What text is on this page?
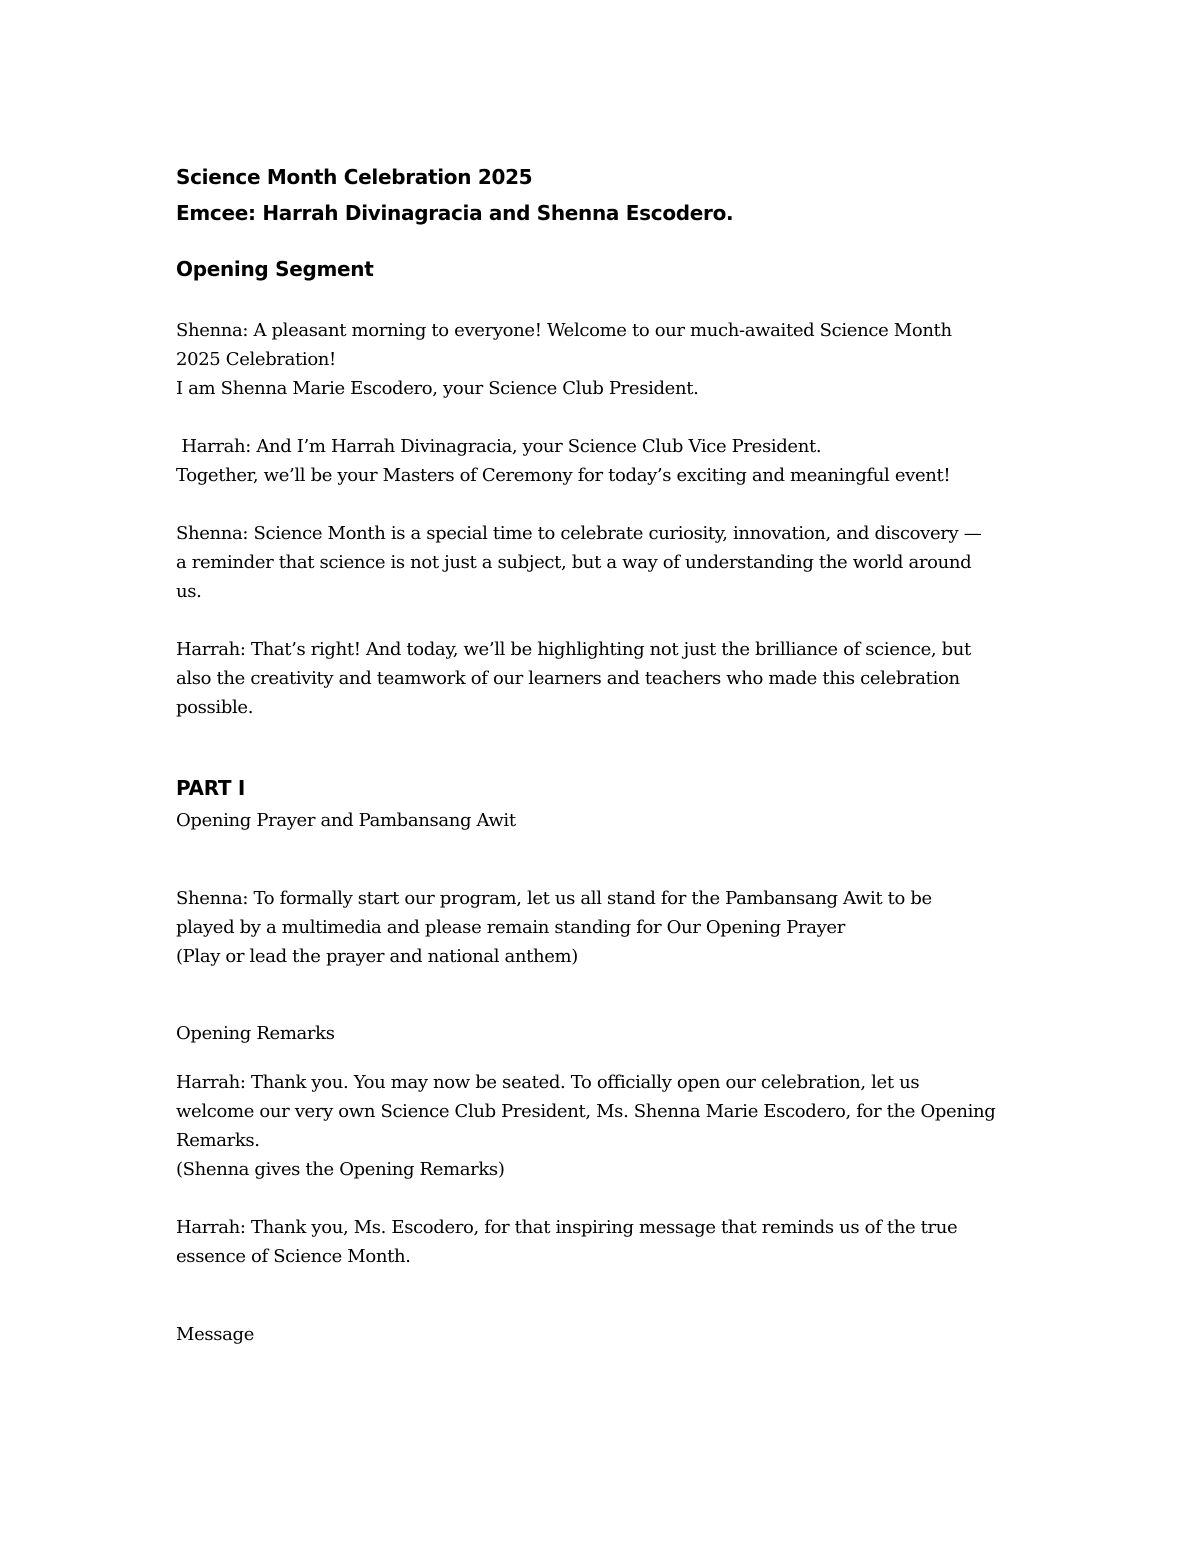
Science Month Celebration 2025
Emcee: Harrah Divinagracia and Shenna Escodero.
Opening Segment
Shenna: A pleasant morning to everyone! Welcome to our much-awaited Science Month
2025 Celebration!
I am Shenna Marie Escodero, your Science Club President.
Harrah: And I’m Harrah Divinagracia, your Science Club Vice President.
Together, we’ll be your Masters of Ceremony for today’s exciting and meaningful event!
Shenna: Science Month is a special time to celebrate curiosity, innovation, and discovery —
a reminder that science is not just a subject, but a way of understanding the world around
us.
Harrah: That’s right! And today, we’ll be highlighting not just the brilliance of science, but
also the creativity and teamwork of our learners and teachers who made this celebration
possible.
PART I
Opening Prayer and Pambansang Awit
Shenna: To formally start our program, let us all stand for the Pambansang Awit to be
played by a multimedia and please remain standing for Our Opening Prayer
(Play or lead the prayer and national anthem)
Opening Remarks
Harrah: Thank you. You may now be seated. To officially open our celebration, let us
welcome our very own Science Club President, Ms. Shenna Marie Escodero, for the Opening
Remarks.
(Shenna gives the Opening Remarks)
Harrah: Thank you, Ms. Escodero, for that inspiring message that reminds us of the true
essence of Science Month.
Message
